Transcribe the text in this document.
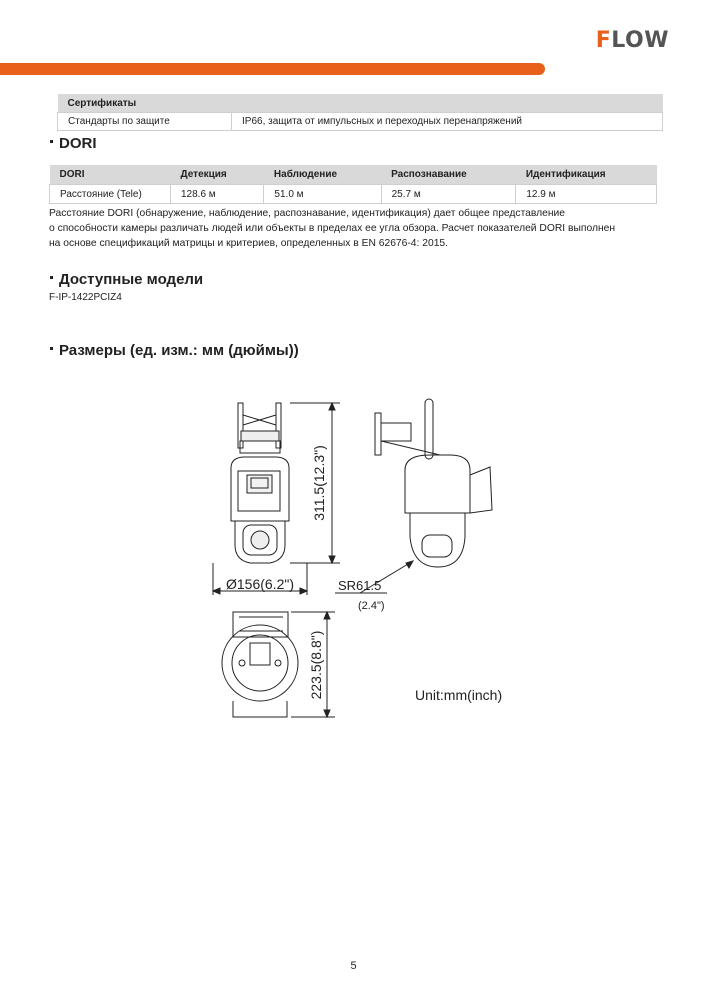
FLOW
Сертификаты
Стандарты по защите	IP66, защита от импульсных и переходных перенапряжений
DORI
DORI	Детекция	Наблюдение	Распознавание	Идентификация
Расстояние (Tele)	128.6 м	51.0 м	25.7 м	12.9 м
Расстояние DORI (обнаружение, наблюдение, распознавание, идентификация) дает общее представление
о способности камеры различать людей или объекты в пределах ее угла обзора. Расчет показателей DORI выполнен
на основе спецификаций матрицы и критериев, определенных в EN 62676-4: 2015.
Доступные модели
F-IP-1422PCIZ4
Размеры (ед. изм.: мм (дюймы))
311.5(12.3")
Ø156(6.2")	SR61.5
(2.4")
223.5(8.8")	Unit:mm(inch)
5
